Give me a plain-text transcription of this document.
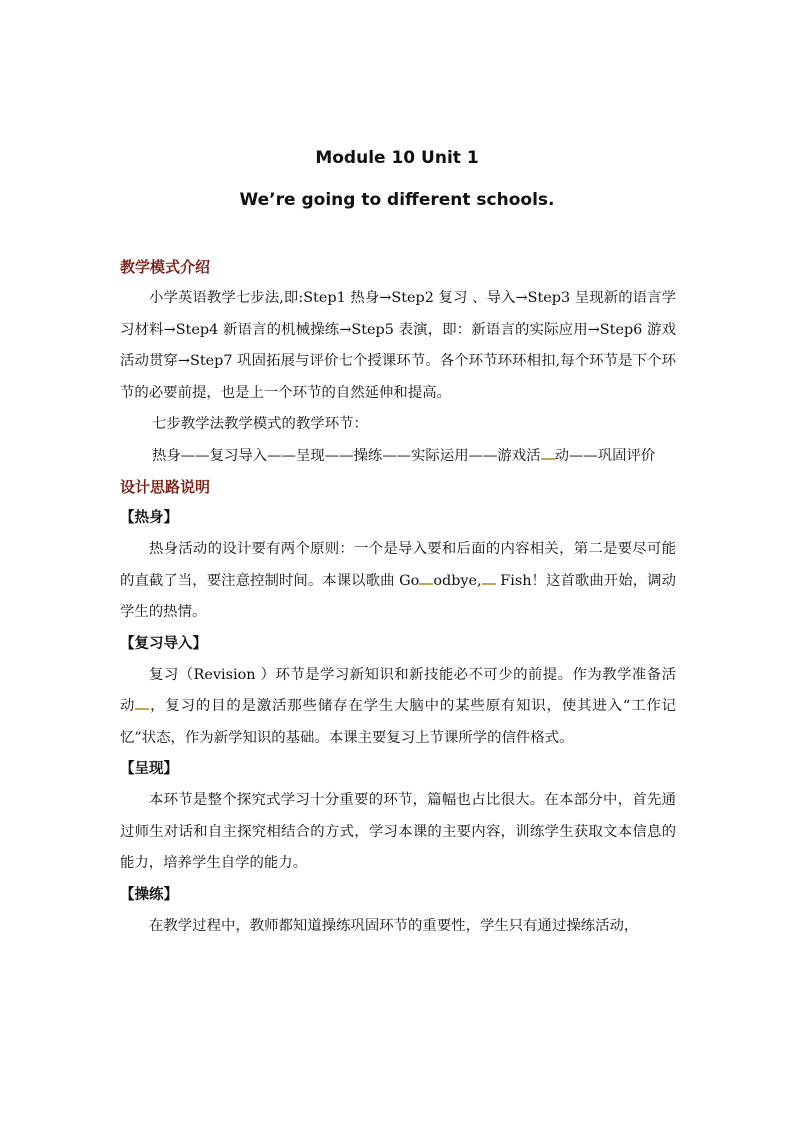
Module 10 Unit 1
We’re going to different schools.
教学模式介绍

小学英语教学七步法,即:Step1 热身→Step2 复习 、导入→Step3 呈现新的语言学习材料→Step4 新语言的机械操练→Step5 表演，即：新语言的实际应用→Step6 游戏活动贯穿→Step7 巩固拓展与评价七个授课环节。各个环节环环相扣,每个环节是下个环节的必要前提，也是上一个环节的自然延伸和提高。

七步教学法教学模式的教学环节：

热身——复习导入——呈现——操练——实际运用——游戏活 动——巩固评价

设计思路说明
【热身】

热身活动的设计要有两个原则：一个是导入要和后面的内容相关，第二是要尽可能的直截了当，要注意控制时间。本课以歌曲 Go odbye, Fish！这首歌曲开始，调动学生的热情。

【复习导入】

复习（Revision ）环节是学习新知识和新技能必不可少的前提。作为教学准备活动 ，复习的目的是激活那些储存在学生大脑中的某些原有知识，使其进入“工作记忆”状态，作为新学知识的基础。本课主要复习上节课所学的信件格式。

【呈现】

本环节是整个探究式学习十分重要的环节，篇幅也占比很大。在本部分中，首先通过师生对话和自主探究相结合的方式，学习本课的主要内容，训练学生获取文本信息的能力，培养学生自学的能力。

【操练】

在教学过程中，教师都知道操练巩固环节的重要性，学生只有通过操练活动，
